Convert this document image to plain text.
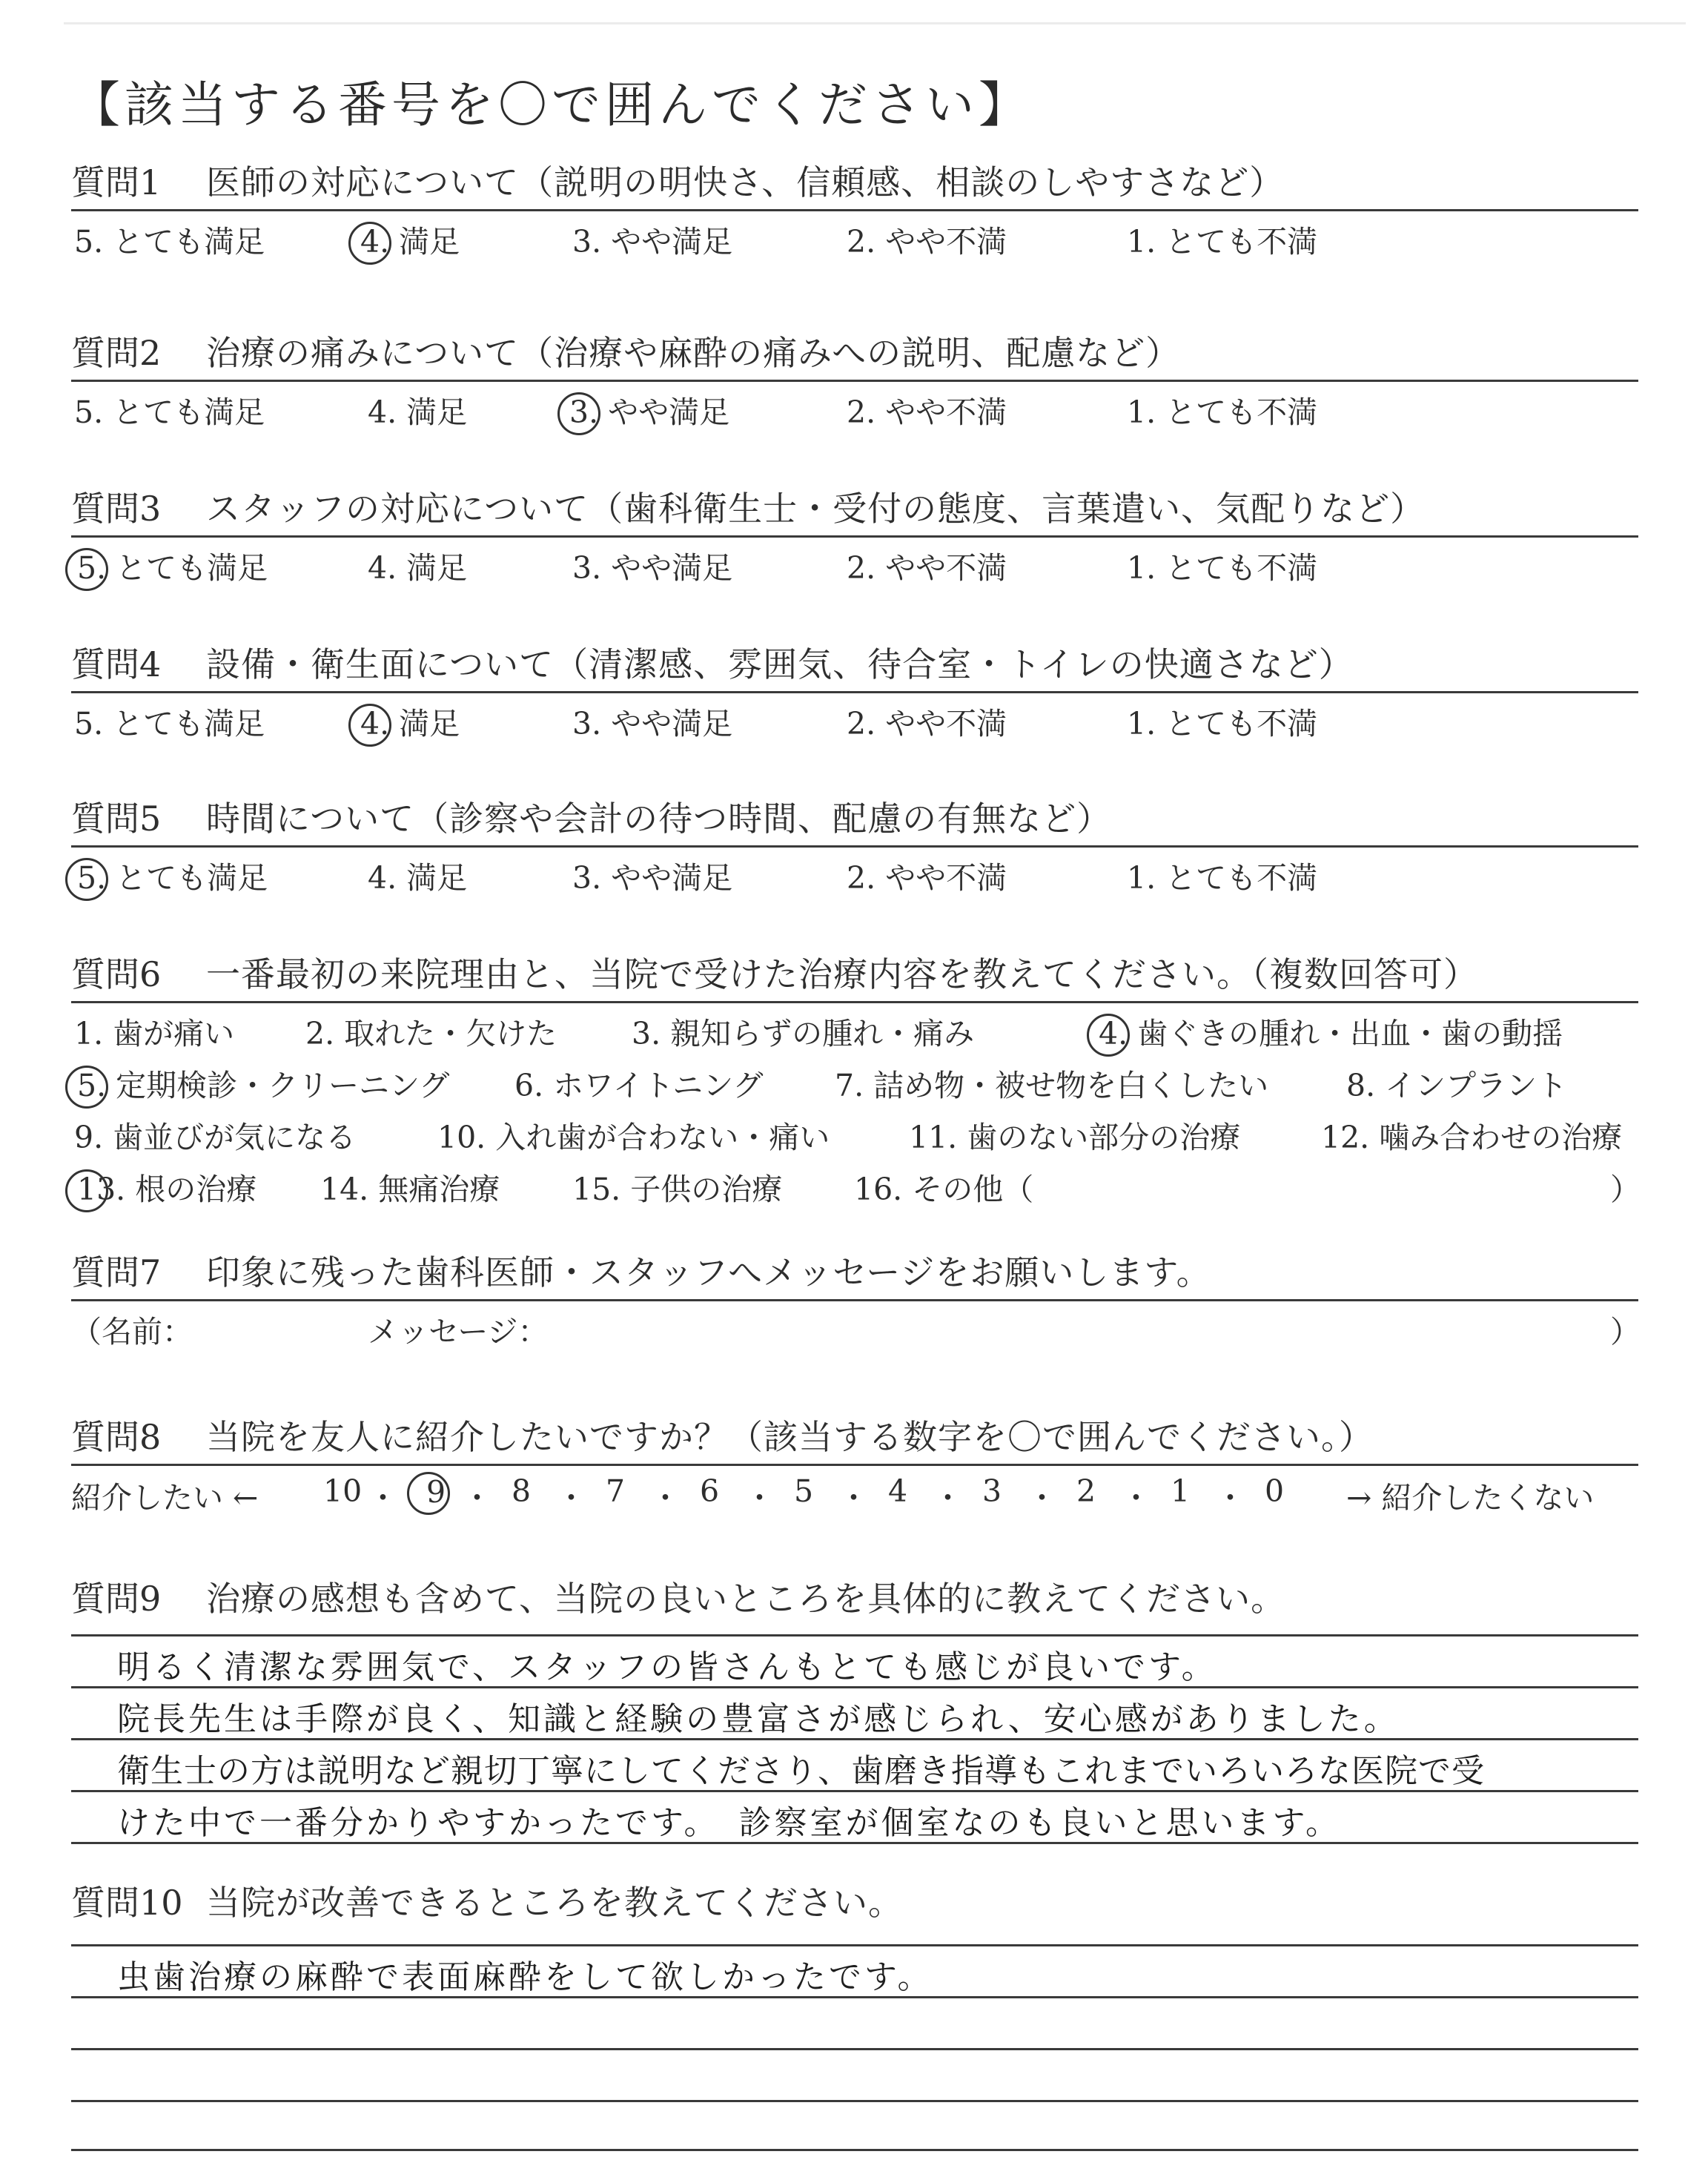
【該当する番号を〇で囲んでください】
質問1 医師の対応について（説明の明快さ、信頼感、相談のしやすさなど）
5. とても満足	4. 満足	3. やや満足	2. やや不満	1. とても不満
質問2 治療の痛みについて（治療や麻酔の痛みへの説明、配慮など）
5. とても満足	4. 満足	3. やや満足	2. やや不満	1. とても不満
質問3 スタッフの対応について（歯科衛生士・受付の態度、言葉遣い、気配りなど）
5. とても満足	4. 満足	3. やや満足	2. やや不満	1. とても不満
質問4 設備・衛生面について（清潔感、雰囲気、待合室・トイレの快適さなど）
5. とても満足	4. 満足	3. やや満足	2. やや不満	1. とても不満
質問5 時間について（診察や会計の待つ時間、配慮の有無など）
5. とても満足	4. 満足	3. やや満足	2. やや不満	1. とても不満
質問6 一番最初の来院理由と、当院で受けた治療内容を教えてください。（複数回答可）
1. 歯が痛い 2. 取れた・欠けた 3. 親知らずの腫れ・痛み	4. 歯ぐきの腫れ・出血・歯の動揺
5. 定期検診・クリーニング 6. ホワイトニング 7. 詰め物・被せ物を白くしたい	8. インプラント
9. 歯並びが気になる	10. 入れ歯が合わない・痛い	11. 歯のない部分の治療	12. 噛み合わせの治療
13. 根の治療 14. 無痛治療 15. 子供の治療 16. その他（	）
質問7 印象に残った歯科医師・スタッフへメッセージをお願いします。
（名前：	メッセージ：	）
質問8 当院を友人に紹介したいですか？（該当する数字を〇で囲んでください。）
紹介したい ← 10 ・ 9 ・ 8 ・ 7 ・ 6 ・ 5 ・ 4 ・ 3 ・ 2 ・ 1 ・ 0 → 紹介したくない
質問9 治療の感想も含めて、当院の良いところを具体的に教えてください。
明るく清潔な雰囲気で、スタッフの皆さんもとても感じが良いです。
院長先生は手際が良く、知識と経験の豊富さが感じられ、安心感がありました。
衛生士の方は説明など親切丁寧にしてくださり、歯磨き指導もこれまでいろいろな医院で受
けた中で一番分かりやすかったです。　診察室が個室なのも良いと思います。
質問10 当院が改善できるところを教えてください。
虫歯治療の麻酔で表面麻酔をして欲しかったです。
